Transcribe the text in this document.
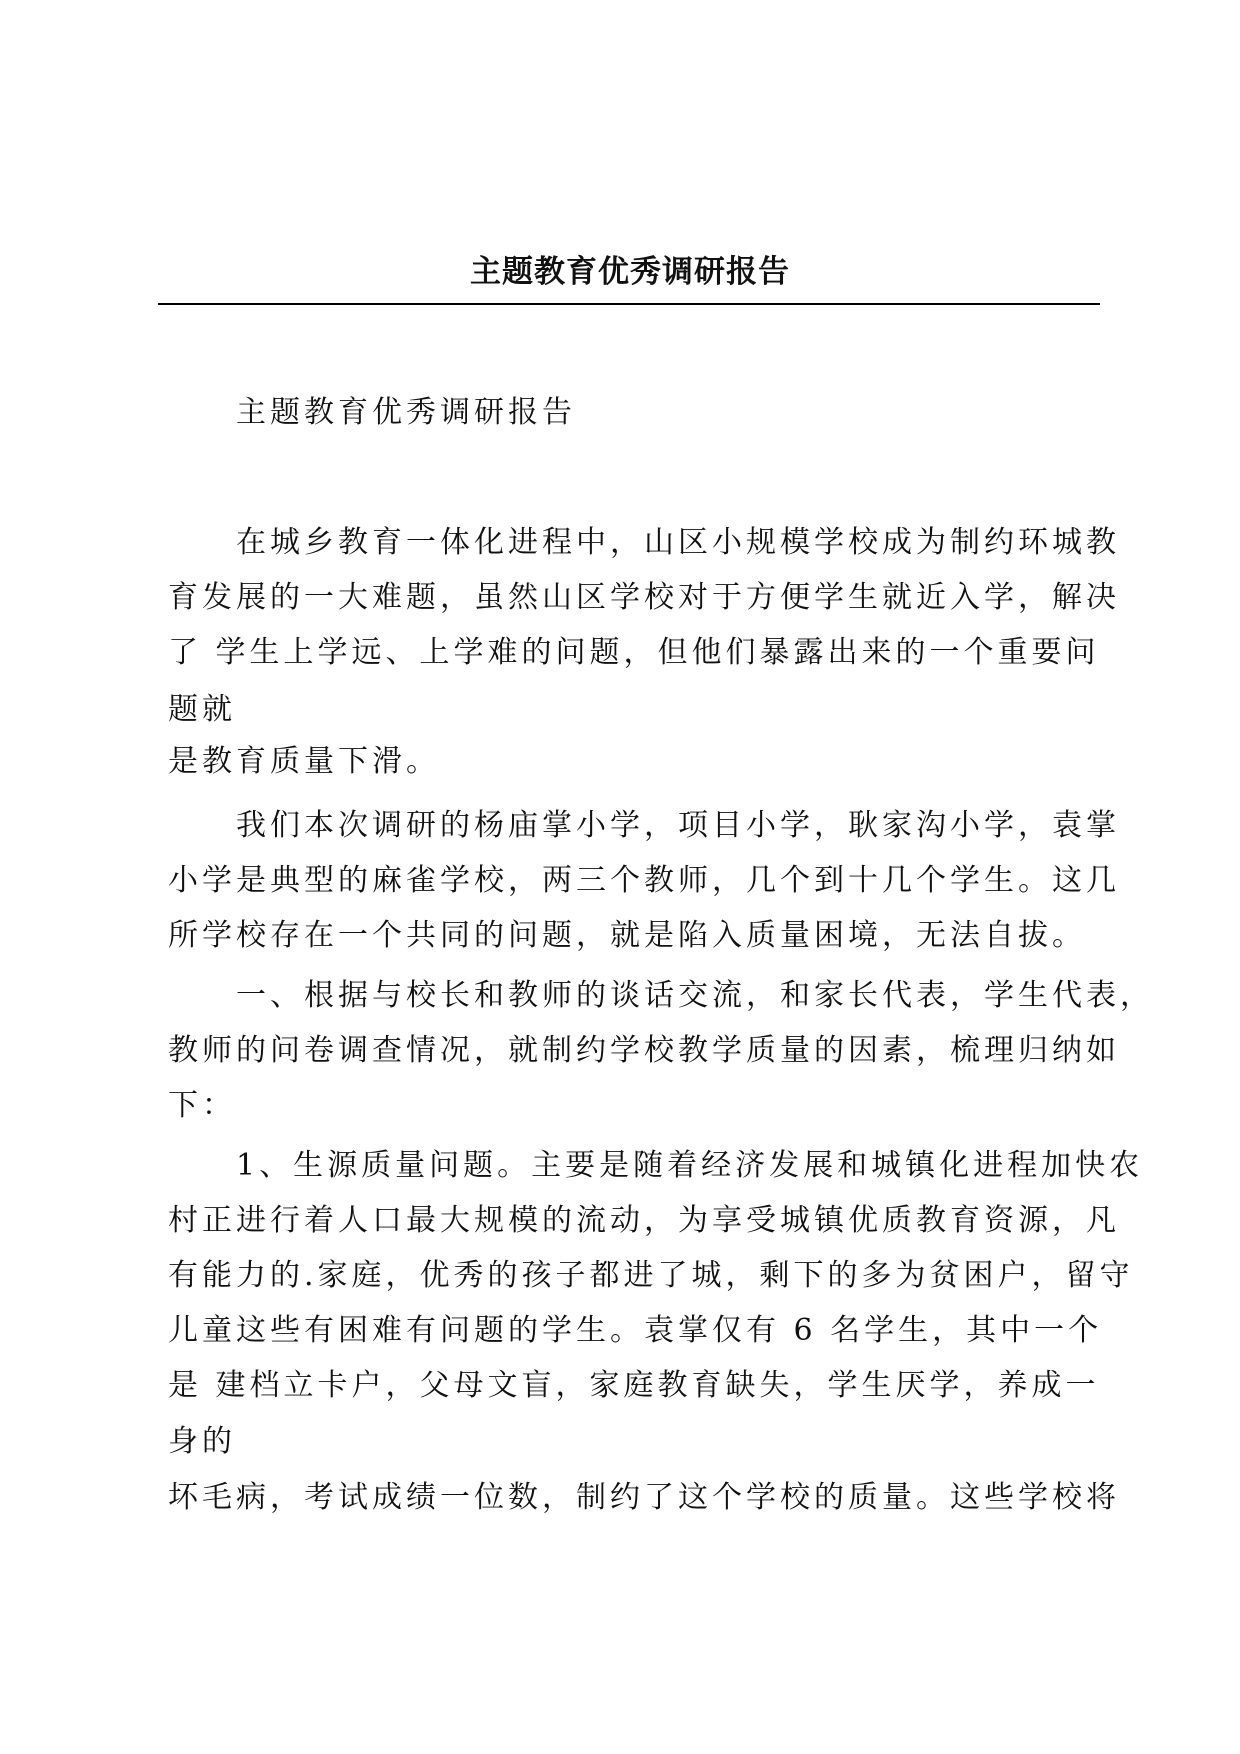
主题教育优秀调研报告
主题教育优秀调研报告
在城乡教育一体化进程中，山区小规模学校成为制约环城教
育发展的一大难题，虽然山区学校对于方便学生就近入学，解决
了 学生上学远、上学难的问题，但他们暴露出来的一个重要问
题就
是教育质量下滑。
我们本次调研的杨庙掌小学，项目小学，耿家沟小学，袁掌
小学是典型的麻雀学校，两三个教师，几个到十几个学生。这几
所学校存在一个共同的问题，就是陷入质量困境，无法自拔。
一、根据与校长和教师的谈话交流，和家长代表，学生代表，
教师的问卷调查情况，就制约学校教学质量的因素，梳理归纳如
下：
1、生源质量问题。主要是随着经济发展和城镇化进程加快农
村正进行着人口最大规模的流动，为享受城镇优质教育资源，凡
有能力的.家庭，优秀的孩子都进了城，剩下的多为贫困户，留守
儿童这些有困难有问题的学生。袁掌仅有 6 名学生，其中一个
是 建档立卡户，父母文盲，家庭教育缺失，学生厌学，养成一
身的
坏毛病，考试成绩一位数，制约了这个学校的质量。这些学校将
